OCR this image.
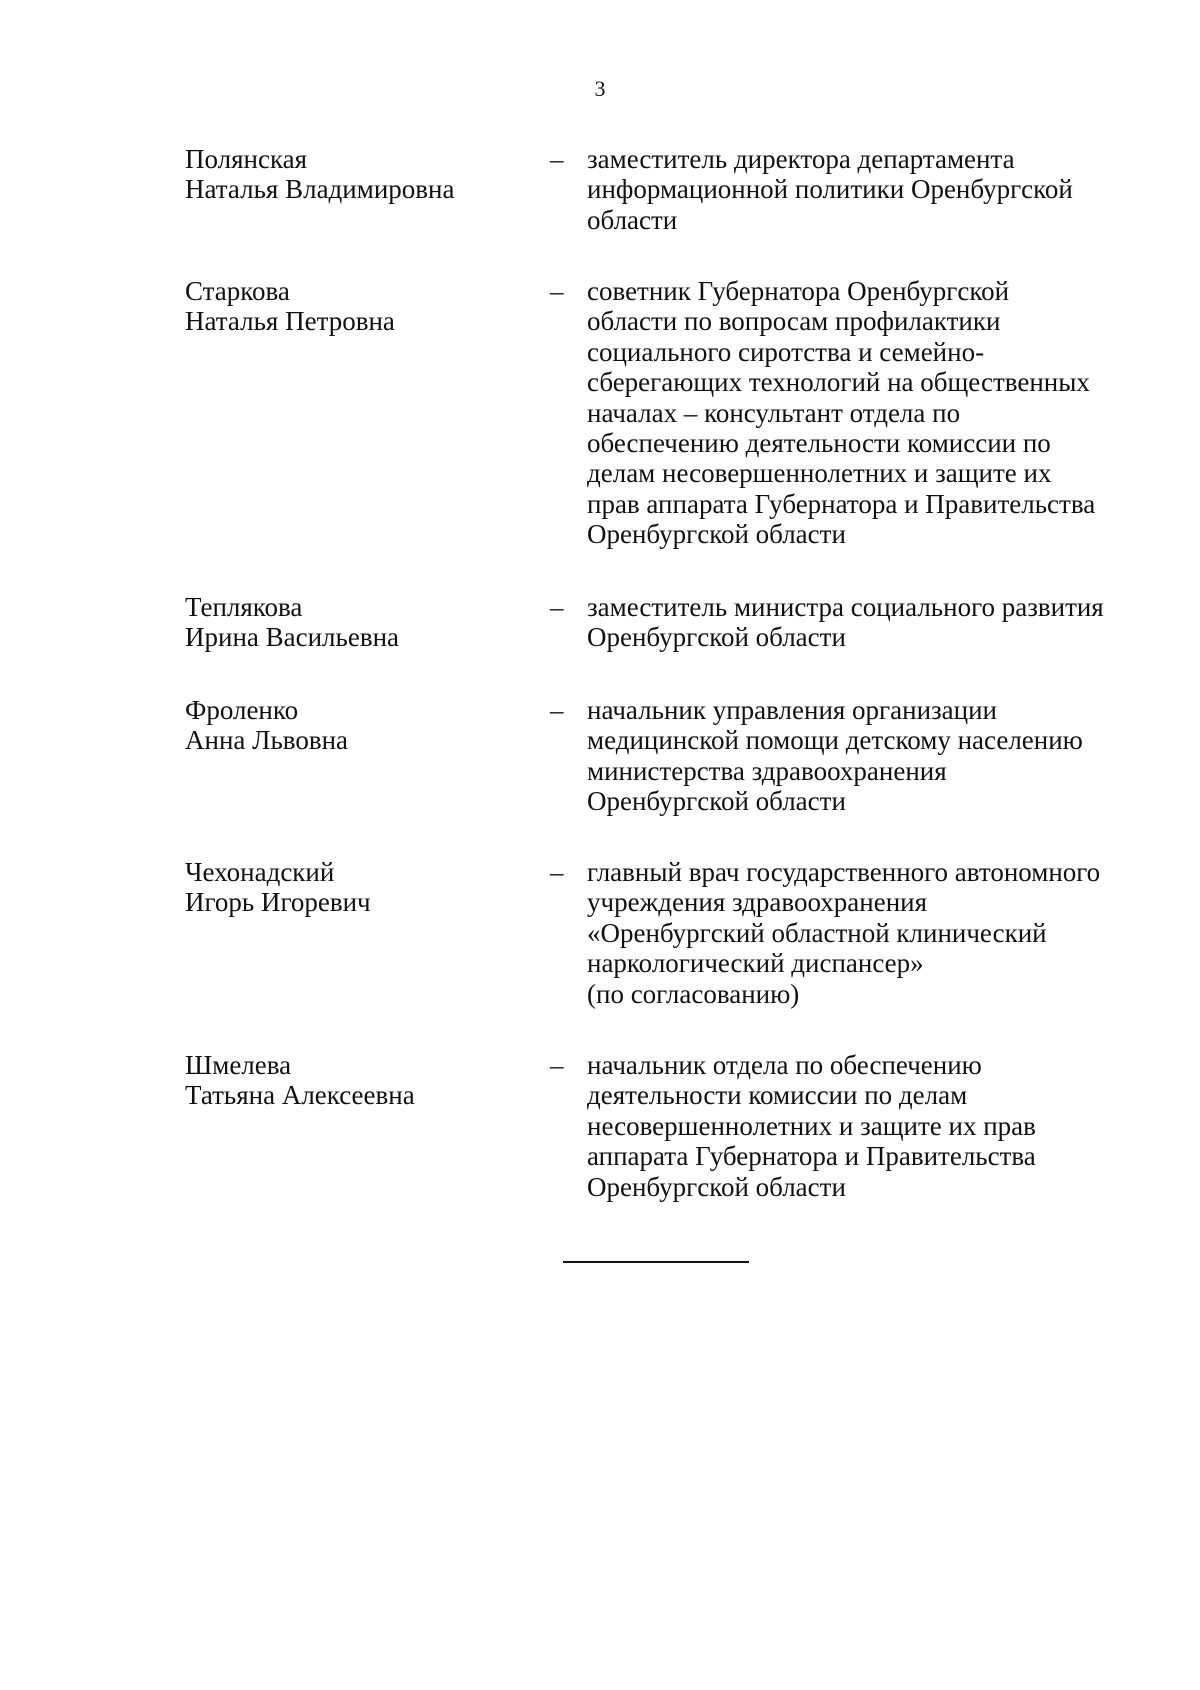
3
Полянская
Наталья Владимировна
– заместитель директора департамента
информационной политики Оренбургской
области
Старкова
Наталья Петровна
– советник Губернатора Оренбургской
области по вопросам профилактики
социального сиротства и семейно-
сберегающих технологий на общественных
началах – консультант отдела по
обеспечению деятельности комиссии по
делам несовершеннолетних и защите их
прав аппарата Губернатора и Правительства
Оренбургской области
Теплякова
Ирина Васильевна
– заместитель министра социального развития
Оренбургской области
Фроленко
Анна Львовна
– начальник управления организации
медицинской помощи детскому населению
министерства здравоохранения
Оренбургской области
Чехонадский
Игорь Игоревич
– главный врач государственного автономного
учреждения здравоохранения
«Оренбургский областной клинический
наркологический диспансер»
(по согласованию)
Шмелева
Татьяна Алексеевна
– начальник отдела по обеспечению
деятельности комиссии по делам
несовершеннолетних и защите их прав
аппарата Губернатора и Правительства
Оренбургской области
